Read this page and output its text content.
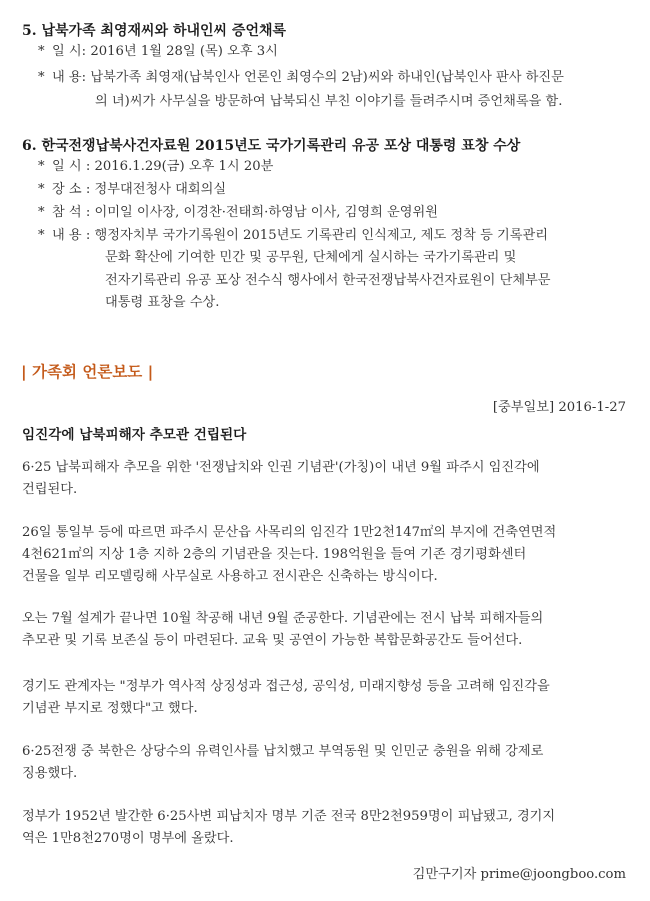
5. 납북가족 최영재씨와 하내인씨 증언채록
* 일 시: 2016년 1월 28일 (목) 오후 3시
* 내 용: 납북가족 최영재(납북인사 언론인 최영수의 2남)씨와 하내인(납북인사 판사 하진문
의 녀)씨가 사무실을 방문하여 납북되신 부친 이야기를 들려주시며 증언채록을 함.
6. 한국전쟁납북사건자료원 2015년도 국가기록관리 유공 포상 대통령 표창 수상
* 일 시 : 2016.1.29(금) 오후 1시 20분
* 장 소 : 정부대전청사 대회의실
* 참 석 : 이미일 이사장, 이경찬·전태희·하영남 이사, 김영희 운영위원
* 내 용 : 행정자치부 국가기록원이 2015년도 기록관리 인식제고, 제도 정착 등 기록관리
문화 확산에 기여한 민간 및 공무원, 단체에게 실시하는 국가기록관리 및
전자기록관리 유공 포상 전수식 행사에서 한국전쟁납북사건자료원이 단체부문
대통령 표창을 수상.
| 가족회 언론보도 |
[중부일보] 2016-1-27
임진각에 납북피해자 추모관 건립된다
6·25 납북피해자 추모을 위한 '전쟁납치와 인권 기념관'(가칭)이 내년 9월 파주시 임진각에
건립된다.
26일 통일부 등에 따르면 파주시 문산읍 사목리의 임진각 1만2천147㎡의 부지에 건축연면적
4천621㎡의 지상 1층 지하 2층의 기념관을 짓는다. 198억원을 들여 기존 경기평화센터
건물을 일부 리모델링해 사무실로 사용하고 전시관은 신축하는 방식이다.
오는 7월 설계가 끝나면 10월 착공해 내년 9월 준공한다. 기념관에는 전시 납북 피해자들의
추모관 및 기록 보존실 등이 마련된다. 교육 및 공연이 가능한 복합문화공간도 들어선다.
경기도 관계자는 "정부가 역사적 상징성과 접근성, 공익성, 미래지향성 등을 고려해 임진각을
기념관 부지로 정했다"고 했다.
6·25전쟁 중 북한은 상당수의 유력인사를 납치했고 부역동원 및 인민군 충원을 위해 강제로
징용했다.
정부가 1952년 발간한 6·25사변 피납치자 명부 기준 전국 8만2천959명이 피납됐고, 경기지
역은 1만8천270명이 명부에 올랐다.
김만구기자 prime@joongboo.com
